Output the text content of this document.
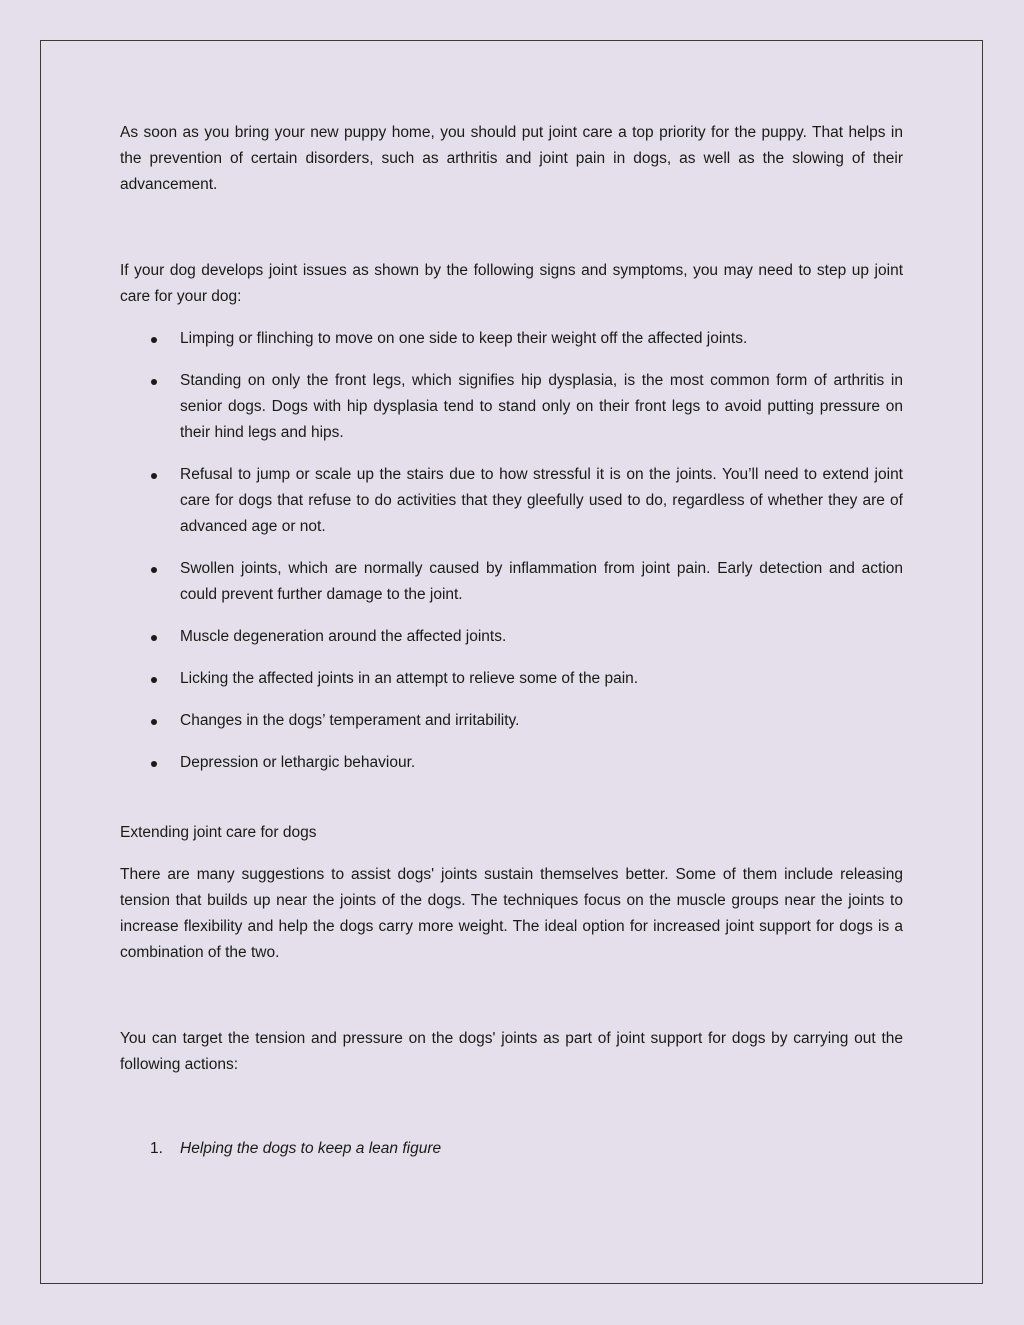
As soon as you bring your new puppy home, you should put joint care a top priority for the puppy. That helps in the prevention of certain disorders, such as arthritis and joint pain in dogs, as well as the slowing of their advancement.

If your dog develops joint issues as shown by the following signs and symptoms, you may need to step up joint care for your dog:

Limping or flinching to move on one side to keep their weight off the affected joints.
Standing on only the front legs, which signifies hip dysplasia, is the most common form of arthritis in senior dogs. Dogs with hip dysplasia tend to stand only on their front legs to avoid putting pressure on their hind legs and hips.
Refusal to jump or scale up the stairs due to how stressful it is on the joints. You’ll need to extend joint care for dogs that refuse to do activities that they gleefully used to do, regardless of whether they are of advanced age or not.
Swollen joints, which are normally caused by inflammation from joint pain. Early detection and action could prevent further damage to the joint.
Muscle degeneration around the affected joints.
Licking the affected joints in an attempt to relieve some of the pain.
Changes in the dogs’ temperament and irritability.
Depression or lethargic behaviour.

Extending joint care for dogs

There are many suggestions to assist dogs' joints sustain themselves better. Some of them include releasing tension that builds up near the joints of the dogs. The techniques focus on the muscle groups near the joints to increase flexibility and help the dogs carry more weight. The ideal option for increased joint support for dogs is a combination of the two.

You can target the tension and pressure on the dogs' joints as part of joint support for dogs by carrying out the following actions:

1. Helping the dogs to keep a lean figure
